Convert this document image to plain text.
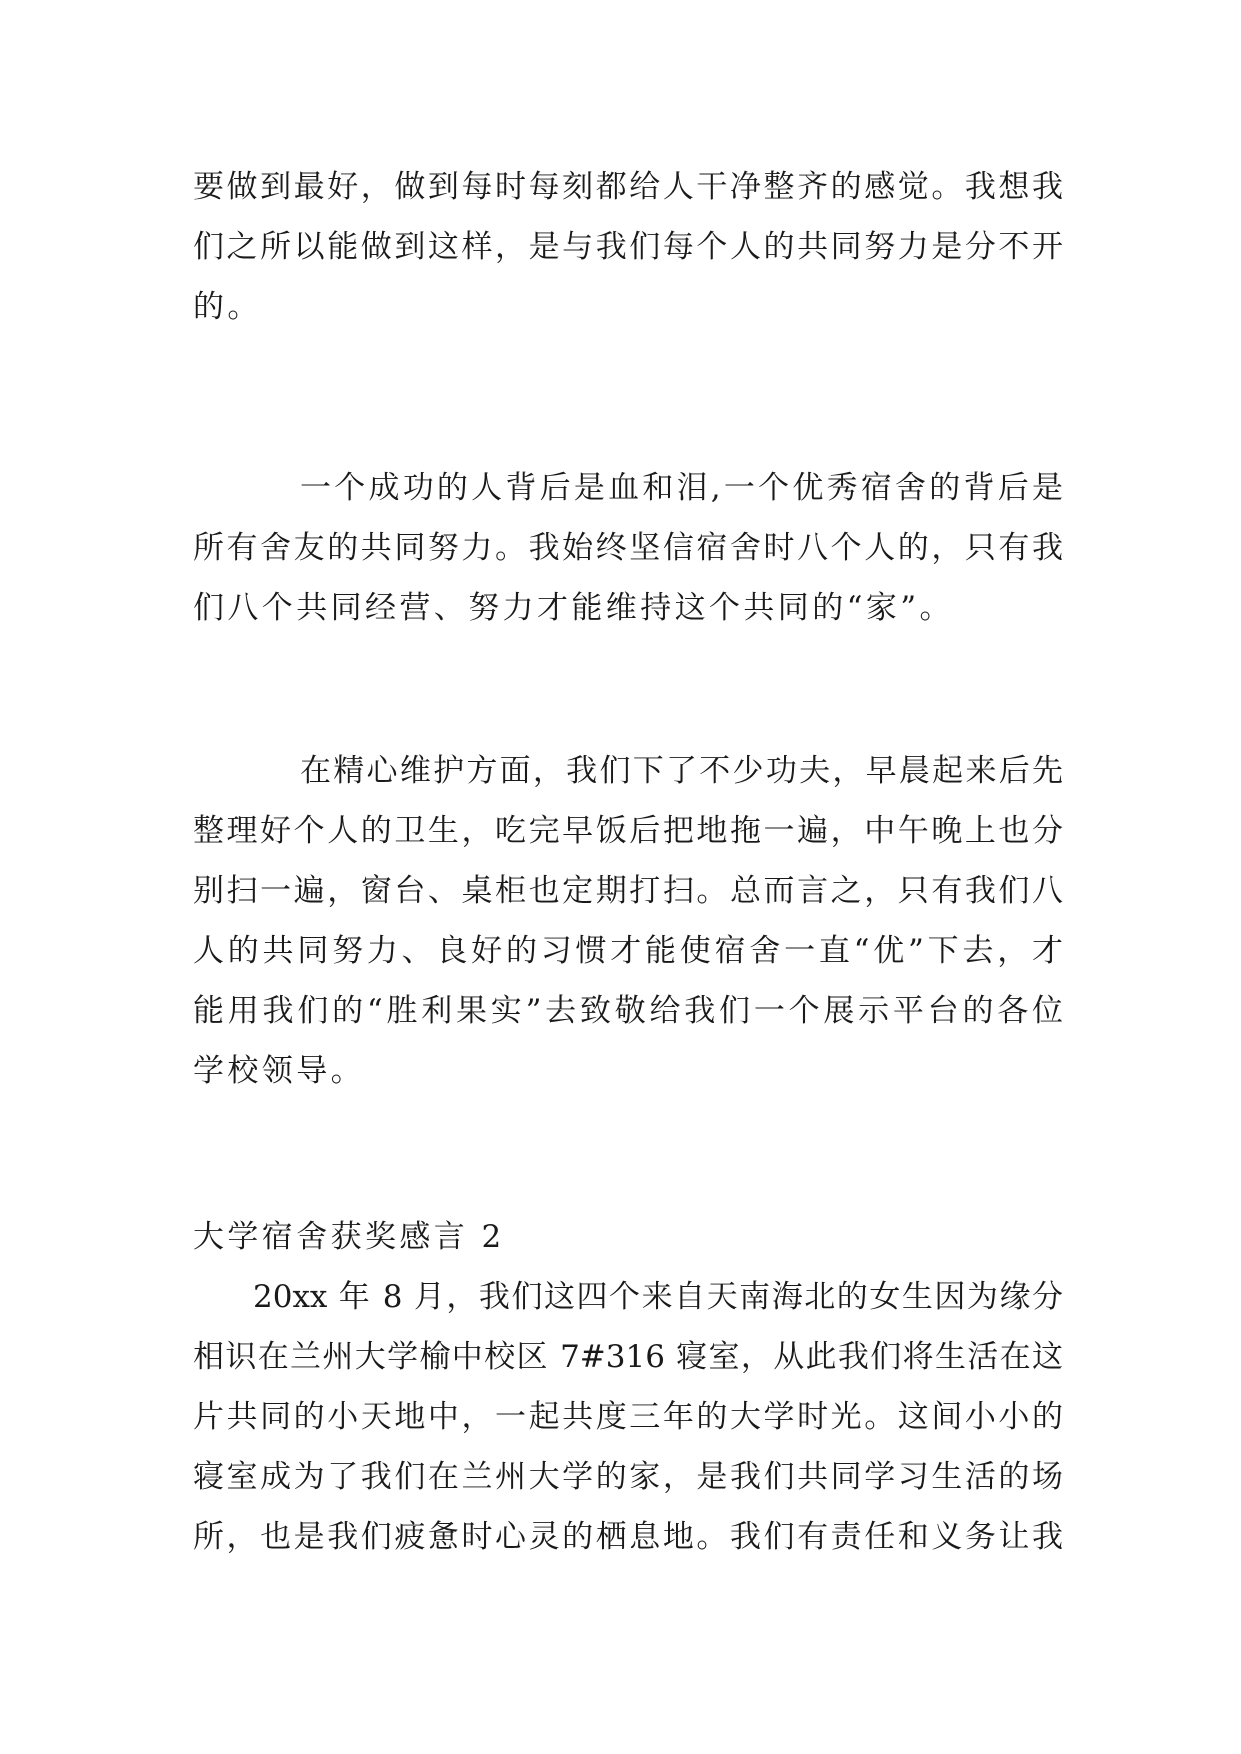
要做到最好，做到每时每刻都给人干净整齐的感觉。我想我
们之所以能做到这样，是与我们每个人的共同努力是分不开
的。
一个成功的人背后是血和泪,一个优秀宿舍的背后是
所有舍友的共同努力。我始终坚信宿舍时八个人的，只有我
们八个共同经营、努力才能维持这个共同的“家”。
在精心维护方面，我们下了不少功夫，早晨起来后先
整理好个人的卫生，吃完早饭后把地拖一遍，中午晚上也分
别扫一遍，窗台、桌柜也定期打扫。总而言之，只有我们八
人的共同努力、良好的习惯才能使宿舍一直“优”下去，才
能用我们的“胜利果实”去致敬给我们一个展示平台的各位
学校领导。
大学宿舍获奖感言 2
20xx 年 8 月，我们这四个来自天南海北的女生因为缘分
相识在兰州大学榆中校区 7#316 寝室，从此我们将生活在这
片共同的小天地中，一起共度三年的大学时光。这间小小的
寝室成为了我们在兰州大学的家，是我们共同学习生活的场
所，也是我们疲惫时心灵的栖息地。我们有责任和义务让我
